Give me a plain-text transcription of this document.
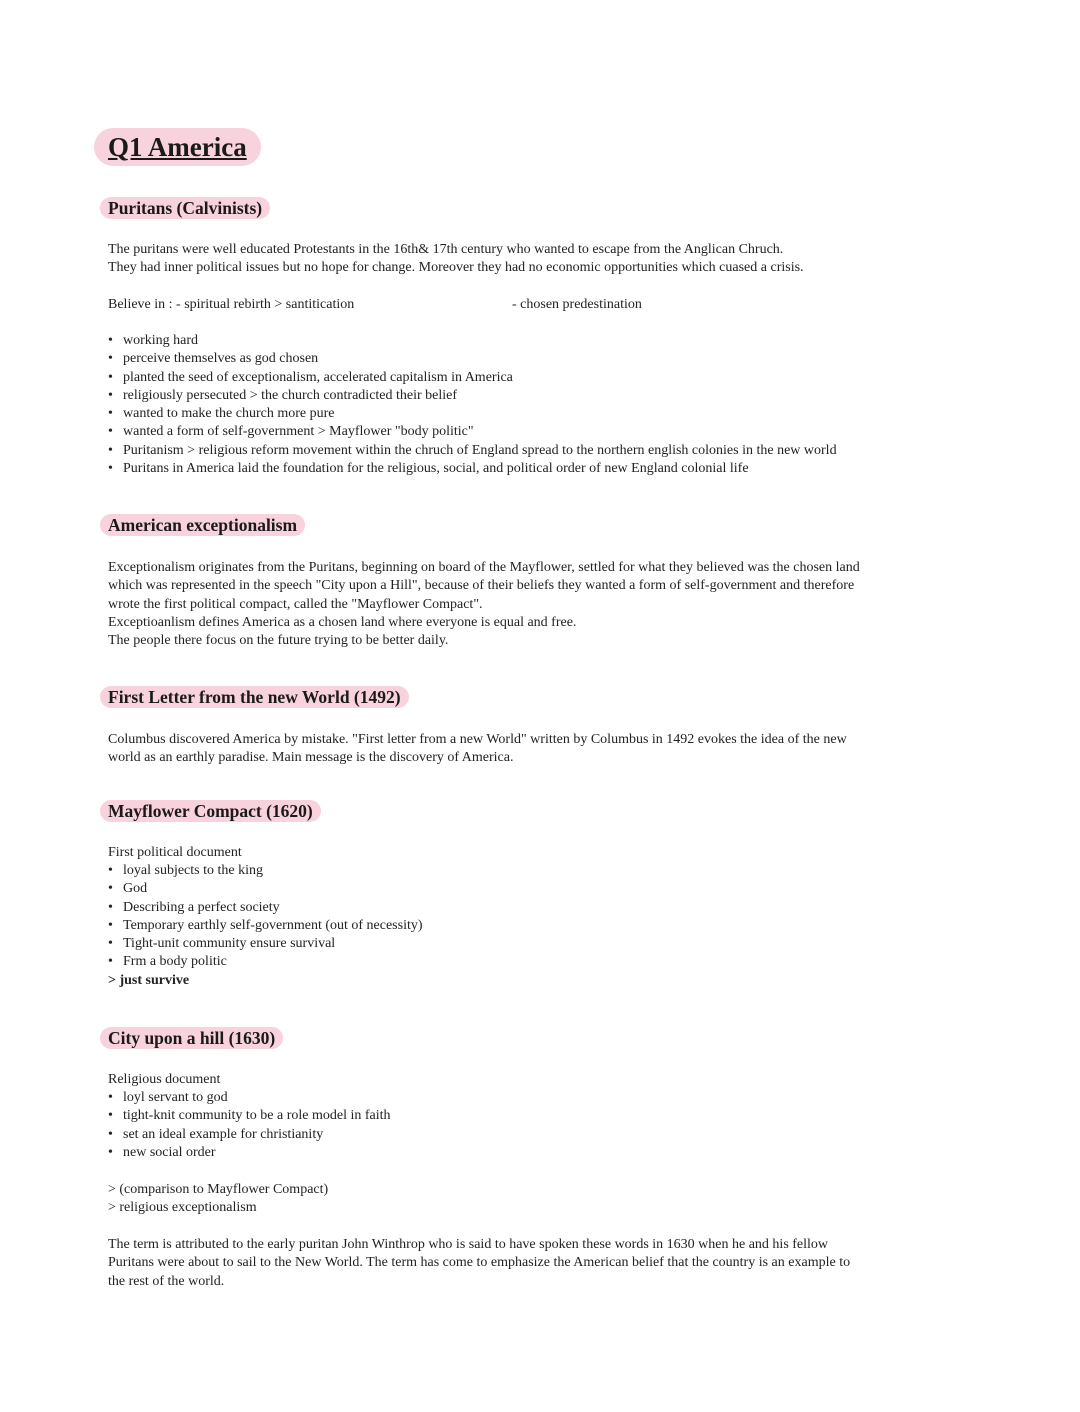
Q1 America
Puritans (Calvinists)
The puritans were well educated Protestants in the 16th& 17th century who wanted to escape from the Anglican Chruch.
They had inner political issues but no hope for change. Moreover they had no economic opportunities which cuased a crisis.
Believe in : - spiritual rebirth > santitication	- chosen predestination
• working hard
• perceive themselves as god chosen
• planted the seed of exceptionalism, accelerated capitalism in America
• religiously persecuted > the church contradicted their belief
• wanted to make the church more pure
• wanted a form of self-government > Mayflower "body politic"
• Puritanism > religious reform movement within the chruch of England spread to the northern english colonies in the new world
• Puritans in America laid the foundation for the religious, social, and political order of new England colonial life
American exceptionalism
Exceptionalism originates from the Puritans, beginning on board of the Mayflower, settled for what they believed was the chosen land
which was represented in the speech "City upon a Hill", because of their beliefs they wanted a form of self-government and therefore
wrote the first political compact, called the "Mayflower Compact".
Exceptioanlism defines America as a chosen land where everyone is equal and free.
The people there focus on the future trying to be better daily.
First Letter from the new World (1492)
Columbus discovered America by mistake. "First letter from a new World" written by Columbus in 1492 evokes the idea of the new
world as an earthly paradise. Main message is the discovery of America.
Mayflower Compact (1620)
First political document
• loyal subjects to the king
• God
• Describing a perfect society
• Temporary earthly self-government (out of necessity)
• Tight-unit community ensure survival
• Frm a body politic
> just survive
City upon a hill (1630)
Religious document
• loyl servant to god
• tight-knit community to be a role model in faith
• set an ideal example for christianity
• new social order
> (comparison to Mayflower Compact)
> religious exceptionalism
The term is attributed to the early puritan John Winthrop who is said to have spoken these words in 1630 when he and his fellow
Puritans were about to sail to the New World. The term has come to emphasize the American belief that the country is an example to
the rest of the world.
